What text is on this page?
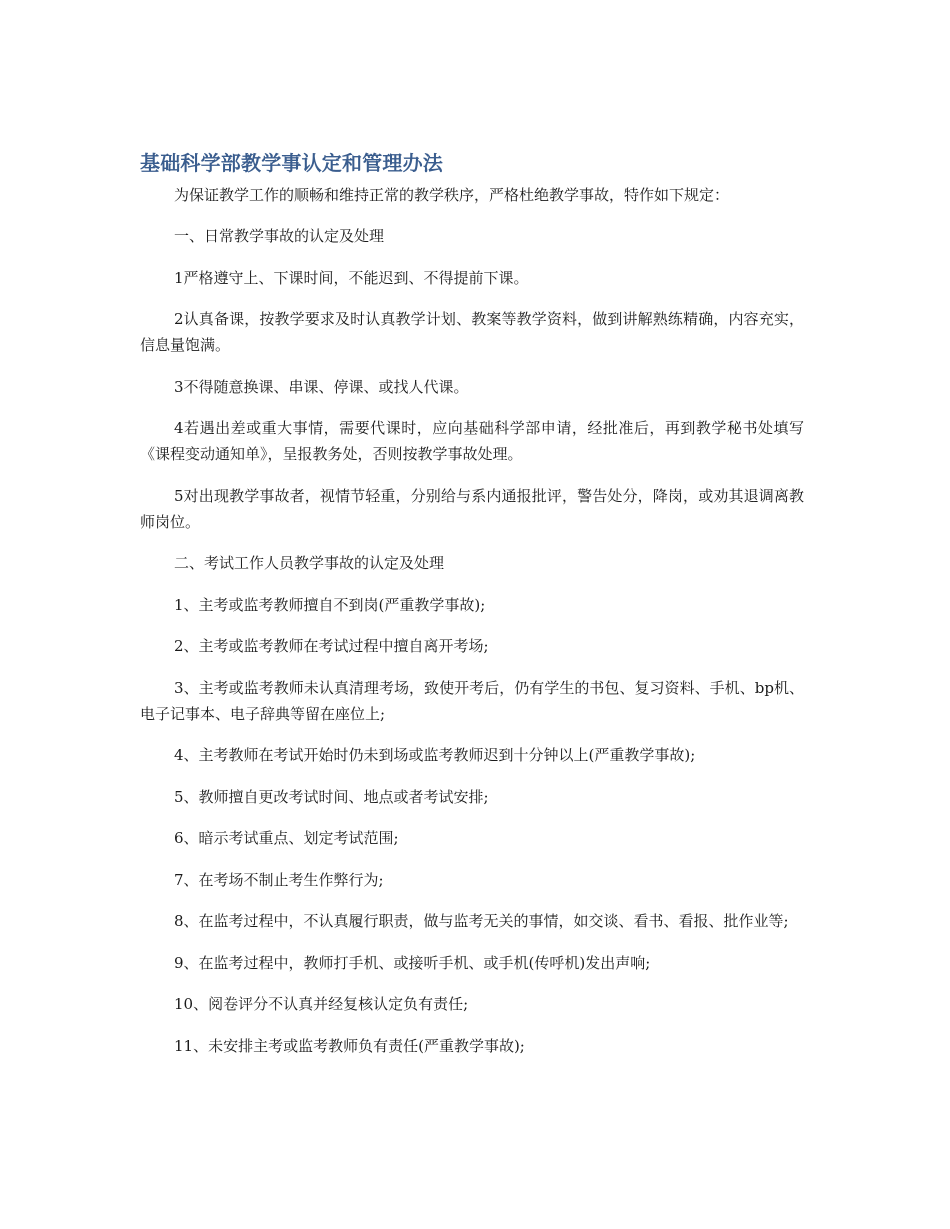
基础科学部教学事认定和管理办法

为保证教学工作的顺畅和维持正常的教学秩序，严格杜绝教学事故，特作如下规定：

一、日常教学事故的认定及处理

1严格遵守上、下课时间，不能迟到、不得提前下课。

2认真备课，按教学要求及时认真教学计划、教案等教学资料，做到讲解熟练精确，内容充实，信息量饱满。

3不得随意换课、串课、停课、或找人代课。

4若遇出差或重大事情，需要代课时，应向基础科学部申请，经批准后，再到教学秘书处填写《课程变动通知单》，呈报教务处，否则按教学事故处理。

5对出现教学事故者，视情节轻重，分别给与系内通报批评，警告处分，降岗，或劝其退调离教师岗位。

二、考试工作人员教学事故的认定及处理

1、主考或监考教师擅自不到岗(严重教学事故);

2、主考或监考教师在考试过程中擅自离开考场;

3、主考或监考教师未认真清理考场，致使开考后，仍有学生的书包、复习资料、手机、bp机、电子记事本、电子辞典等留在座位上;

4、主考教师在考试开始时仍未到场或监考教师迟到十分钟以上(严重教学事故);

5、教师擅自更改考试时间、地点或者考试安排;

6、暗示考试重点、划定考试范围;

7、在考场不制止考生作弊行为;

8、在监考过程中，不认真履行职责，做与监考无关的事情，如交谈、看书、看报、批作业等;

9、在监考过程中，教师打手机、或接听手机、或手机(传呼机)发出声响;

10、阅卷评分不认真并经复核认定负有责任;

11、未安排主考或监考教师负有责任(严重教学事故);
